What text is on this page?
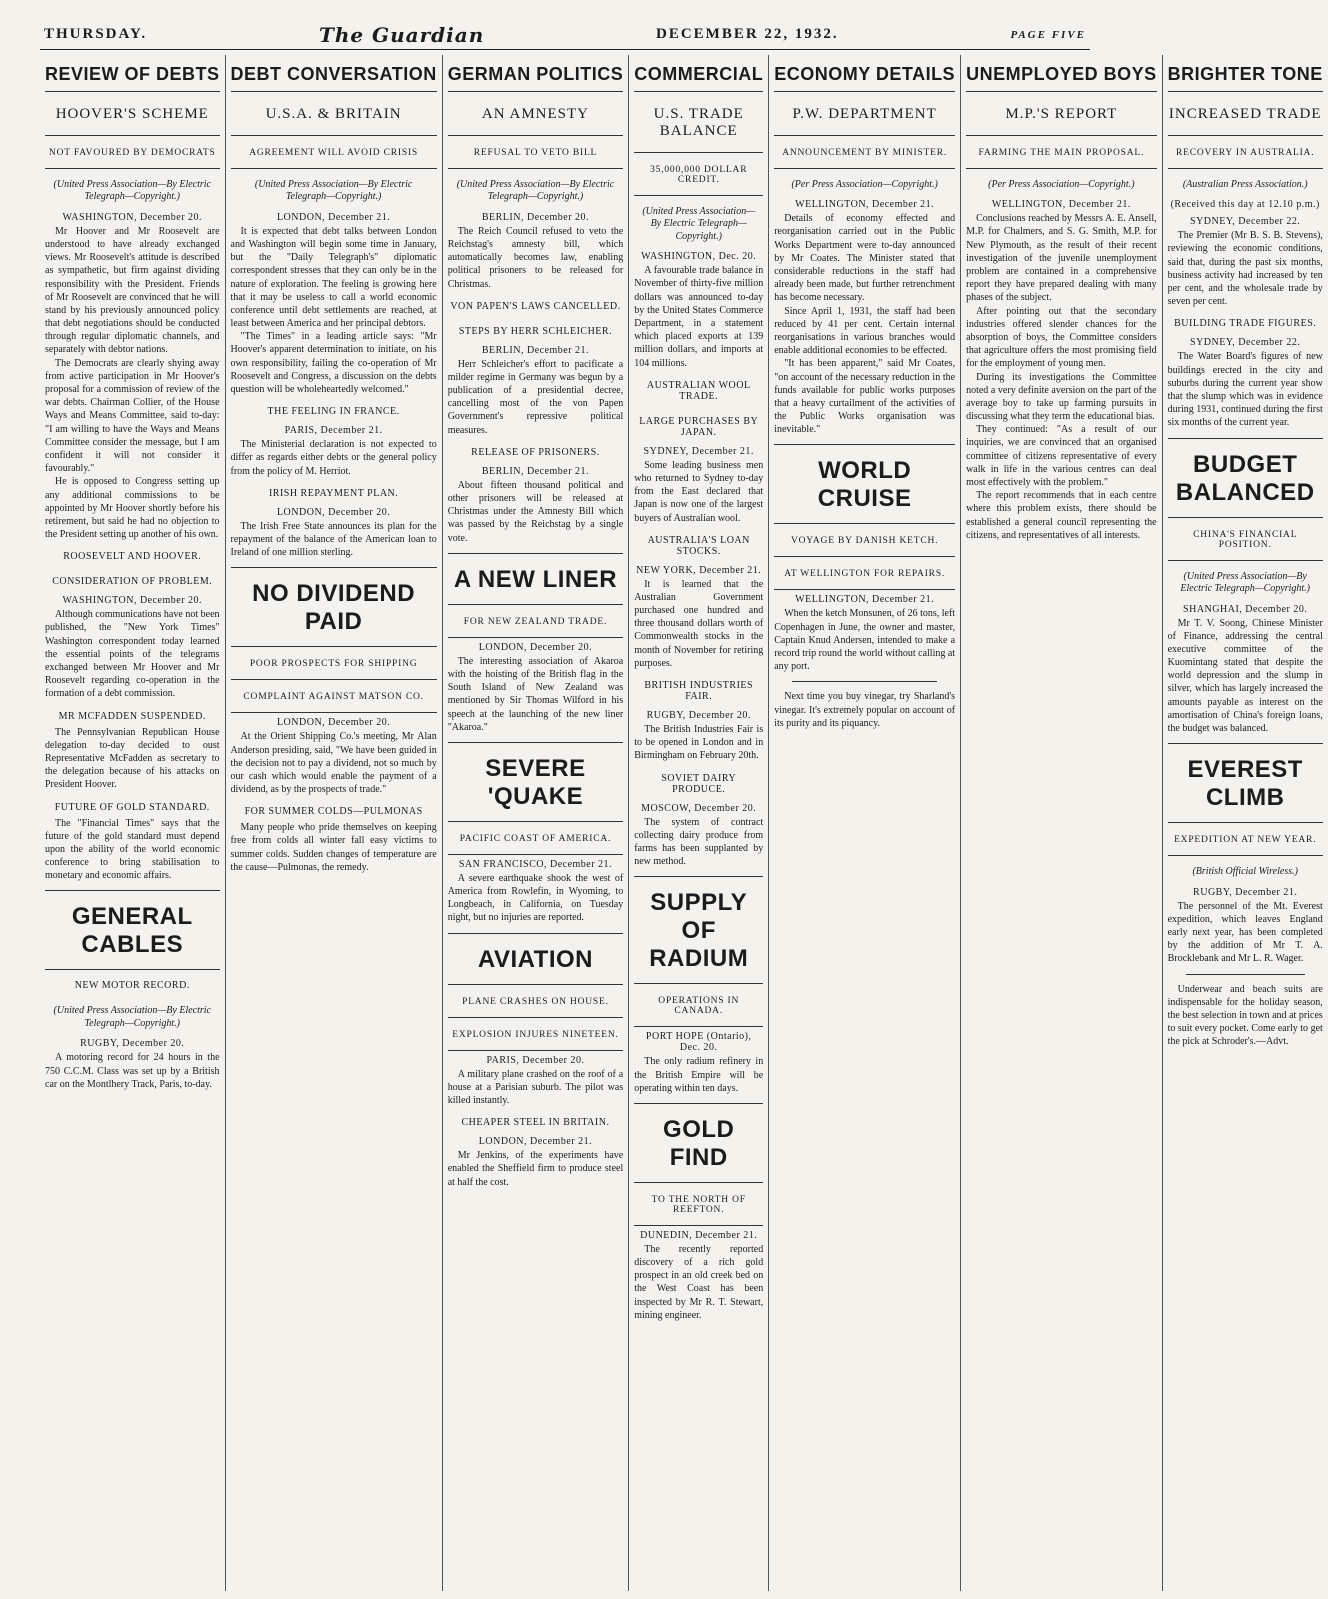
THURSDAY.	The Guardian	DECEMBER 22, 1932.	PAGE FIVE
REVIEW OF DEBTS
HOOVER'S SCHEME
NOT FAVOURED BY DEMOCRATS
(United Press Association—By Electric Telegraph—Copyright.)
WASHINGTON, December 20.

Mr Hoover and Mr Roosevelt are understood to have already exchanged views. Mr Roosevelt's attitude is described as sympathetic, but firm against dividing responsibility with the President. Friends of Mr Roosevelt are convinced that he will stand by his previously announced policy that debt negotiations should be conducted through regular diplomatic channels, and separately with debtor nations.

The Democrats are clearly shying away from active participation in Mr Hoover's proposal for a commission of review of the war debts. Chairman Collier, of the House Ways and Means Committee, said to-day: "I am willing to have the Ways and Means Committee consider the message, but I am confident it will not consider it favourably."

He is opposed to Congress setting up any additional commissions to be appointed by Mr Hoover shortly before his retirement, but said he had no objection to the President setting up another of his own.

ROOSEVELT AND HOOVER.
CONSIDERATION OF PROBLEM.
WASHINGTON, December 20.

Although communications have not been published, the "New York Times" Washington correspondent today learned the essential points of the telegrams exchanged between Mr Hoover and Mr Roosevelt regarding co-operation in the formation of a debt commission.

MR MCFADDEN SUSPENDED.

The Pennsylvanian Republican House delegation to-day decided to oust Representative McFadden as secretary to the delegation because of his attacks on President Hoover.

FUTURE OF GOLD STANDARD.

The "Financial Times" says that the future of the gold standard must depend upon the ability of the world economic conference to bring stabilisation to monetary and economic affairs.

GENERAL CABLES
NEW MOTOR RECORD.
(United Press Association—By Electric Telegraph—Copyright.)
RUGBY, December 20.

A motoring record for 24 hours in the 750 C.C.M. Class was set up by a British car on the Montlhery Track, Paris, to-day.

DEBT CONVERSATION
U.S.A. & BRITAIN
AGREEMENT WILL AVOID CRISIS
(United Press Association—By Electric Telegraph—Copyright.)
LONDON, December 21.

It is expected that debt talks between London and Washington will begin some time in January, but the "Daily Telegraph's" diplomatic correspondent stresses that they can only be in the nature of exploration. The feeling is growing here that it may be useless to call a world economic conference until debt settlements are reached, at least between America and her principal debtors.

"The Times" in a leading article says: "Mr Hoover's apparent determination to initiate, on his own responsibility, failing the co-operation of Mr Roosevelt and Congress, a discussion on the debts question will be wholeheartedly welcomed."

THE FEELING IN FRANCE.
PARIS, December 21.

The Ministerial declaration is not expected to differ as regards either debts or the general policy from the policy of M. Herriot.

IRISH REPAYMENT PLAN.
LONDON, December 20.

The Irish Free State announces its plan for the repayment of the balance of the American loan to Ireland of one million sterling.

NO DIVIDEND PAID
POOR PROSPECTS FOR SHIPPING
COMPLAINT AGAINST MATSON CO.
LONDON, December 20.

At the Orient Shipping Co.'s meeting, Mr Alan Anderson presiding, said, "We have been guided in the decision not to pay a dividend, not so much by our cash which would enable the payment of a dividend, as by the prospects of trade."

FOR SUMMER COLDS—PULMONAS

Many people who pride themselves on keeping free from colds all winter fall easy victims to summer colds. Sudden changes of temperature are the cause—Pulmonas, the remedy.

GERMAN POLITICS
AN AMNESTY
REFUSAL TO VETO BILL
(United Press Association—By Electric Telegraph—Copyright.)
BERLIN, December 20.

The Reich Council refused to veto the Reichstag's amnesty bill, which automatically becomes law, enabling political prisoners to be released for Christmas.

VON PAPEN'S LAWS CANCELLED.
STEPS BY HERR SCHLEICHER.
BERLIN, December 21.

Herr Schleicher's effort to pacificate a milder regime in Germany was begun by a publication of a presidential decree, cancelling most of the von Papen Government's repressive political measures.

RELEASE OF PRISONERS.
BERLIN, December 21.

About fifteen thousand political and other prisoners will be released at Christmas under the Amnesty Bill which was passed by the Reichstag by a single vote.

A NEW LINER
FOR NEW ZEALAND TRADE.
LONDON, December 20.

The interesting association of Akaroa with the hoisting of the British flag in the South Island of New Zealand was mentioned by Sir Thomas Wilford in his speech at the launching of the new liner "Akaroa."

SEVERE 'QUAKE
PACIFIC COAST OF AMERICA.
SAN FRANCISCO, December 21.

A severe earthquake shook the west of America from Rowlefin, in Wyoming, to Longbeach, in California, on Tuesday night, but no injuries are reported.

AVIATION
PLANE CRASHES ON HOUSE.
EXPLOSION INJURES NINETEEN.
PARIS, December 20.

A military plane crashed on the roof of a house at a Parisian suburb. The pilot was killed instantly.

CHEAPER STEEL IN BRITAIN.
LONDON, December 21.

Mr Jenkins, of the experiments have enabled the Sheffield firm to produce steel at half the cost.

COMMERCIAL
U.S. TRADE BALANCE
35,000,000 DOLLAR CREDIT.
(United Press Association—By Electric Telegraph—Copyright.)
WASHINGTON, Dec. 20.

A favourable trade balance in November of thirty-five million dollars was announced to-day by the United States Commerce Department, in a statement which placed exports at 139 million dollars, and imports at 104 millions.

AUSTRALIAN WOOL TRADE.
LARGE PURCHASES BY JAPAN.
SYDNEY, December 21.

Some leading business men who returned to Sydney to-day from the East declared that Japan is now one of the largest buyers of Australian wool.

AUSTRALIA'S LOAN STOCKS.
NEW YORK, December 21.

It is learned that the Australian Government purchased one hundred and three thousand dollars worth of Commonwealth stocks in the month of November for retiring purposes.

BRITISH INDUSTRIES FAIR.
RUGBY, December 20.

The British Industries Fair is to be opened in London and in Birmingham on February 20th.

SOVIET DAIRY PRODUCE.
MOSCOW, December 20.

The system of contract collecting dairy produce from farms has been supplanted by new method.

SUPPLY OF RADIUM
OPERATIONS IN CANADA.
PORT HOPE (Ontario), Dec. 20.

The only radium refinery in the British Empire will be operating within ten days.

GOLD FIND
TO THE NORTH OF REEFTON.
DUNEDIN, December 21.

The recently reported discovery of a rich gold prospect in an old creek bed on the West Coast has been inspected by Mr R. T. Stewart, mining engineer.

ECONOMY DETAILS
P.W. DEPARTMENT
ANNOUNCEMENT BY MINISTER.
(Per Press Association—Copyright.)
WELLINGTON, December 21.

Details of economy effected and reorganisation carried out in the Public Works Department were to-day announced by Mr Coates. The Minister stated that considerable reductions in the staff had already been made, but further retrenchment has become necessary.

Since April 1, 1931, the staff had been reduced by 41 per cent. Certain internal reorganisations in various branches would enable additional economies to be effected.

"It has been apparent," said Mr Coates, "on account of the necessary reduction in the funds available for public works purposes that a heavy curtailment of the activities of the Public Works organisation was inevitable."

WORLD CRUISE
VOYAGE BY DANISH KETCH.
AT WELLINGTON FOR REPAIRS.
WELLINGTON, December 21.

When the ketch Monsunen, of 26 tons, left Copenhagen in June, the owner and master, Captain Knud Andersen, intended to make a record trip round the world without calling at any port.

Next time you buy vinegar, try Sharland's vinegar. It's extremely popular on account of its purity and its piquancy.

UNEMPLOYED BOYS
M.P.'S REPORT
FARMING THE MAIN PROPOSAL.
(Per Press Association—Copyright.)
WELLINGTON, December 21.

Conclusions reached by Messrs A. E. Ansell, M.P. for Chalmers, and S. G. Smith, M.P. for New Plymouth, as the result of their recent investigation of the juvenile unemployment problem are contained in a comprehensive report they have prepared dealing with many phases of the subject.

After pointing out that the secondary industries offered slender chances for the absorption of boys, the Committee considers that agriculture offers the most promising field for the employment of young men.

During its investigations the Committee noted a very definite aversion on the part of the average boy to take up farming pursuits in discussing what they term the educational bias.

They continued: "As a result of our inquiries, we are convinced that an organised committee of citizens representative of every walk in life in the various centres can deal most effectively with the problem."

The report recommends that in each centre where this problem exists, there should be established a general council representing the citizens, and representatives of all interests.

BRIGHTER TONE
INCREASED TRADE
RECOVERY IN AUSTRALIA.
(Australian Press Association.)
(Received this day at 12.10 p.m.)
SYDNEY, December 22.

The Premier (Mr B. S. B. Stevens), reviewing the economic conditions, said that, during the past six months, business activity had increased by ten per cent, and the wholesale trade by seven per cent.

BUILDING TRADE FIGURES.
SYDNEY, December 22.

The Water Board's figures of new buildings erected in the city and suburbs during the current year show that the slump which was in evidence during 1931, continued during the first six months of the current year.

BUDGET BALANCED
CHINA'S FINANCIAL POSITION.
(United Press Association—By Electric Telegraph—Copyright.)
SHANGHAI, December 20.

Mr T. V. Soong, Chinese Minister of Finance, addressing the central executive committee of the Kuomintang stated that despite the world depression and the slump in silver, which has largely increased the amounts payable as interest on the amortisation of China's foreign loans, the budget was balanced.

EVEREST CLIMB
EXPEDITION AT NEW YEAR.
(British Official Wireless.)
RUGBY, December 21.

The personnel of the Mt. Everest expedition, which leaves England early next year, has been completed by the addition of Mr T. A. Brocklebank and Mr L. R. Wager.

Underwear and beach suits are indispensable for the holiday season, the best selection in town and at prices to suit every pocket. Come early to get the pick at Schroder's.—Advt.
